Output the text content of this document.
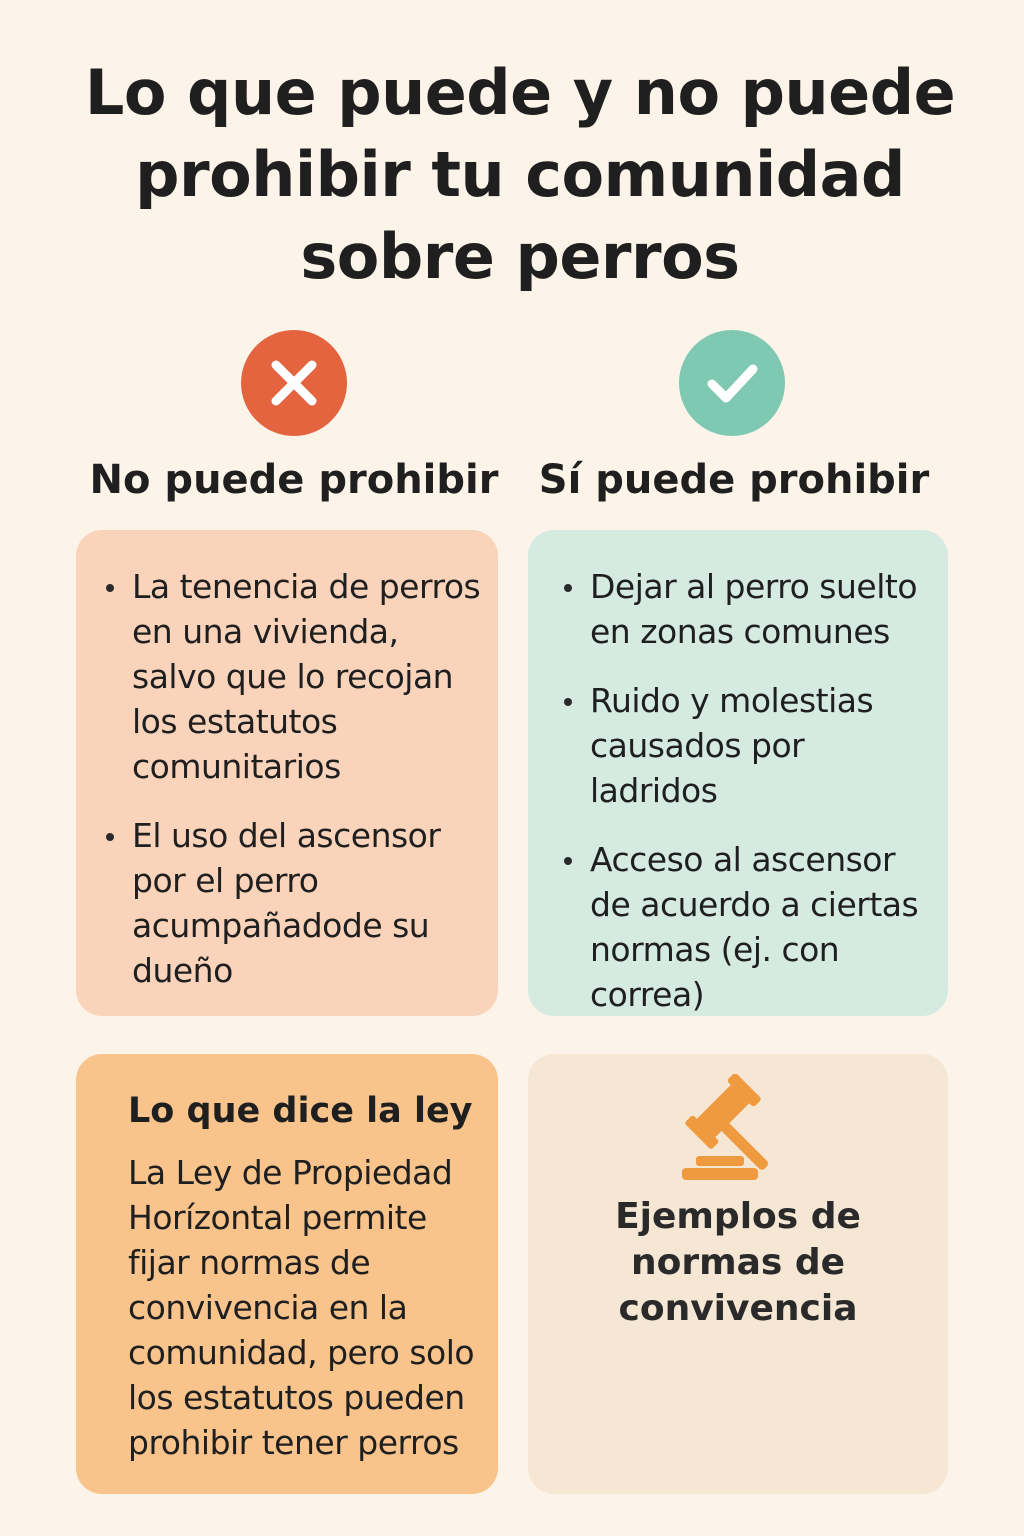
Lo que puede y no puede
prohibir tu comunidad
sobre perros
No puede prohibir	Sí puede prohibir
La tenencia de perros en una vivienda, salvo que lo recojan los estatutos comunitarios
El uso del ascensor por el perro acumpañadode su dueño
Dejar al perro suelto en zonas comunes
Ruido y molestias causados por ladridos
Acceso al ascensor de acuerdo a ciertas normas (ej. con correa)
Lo que dice la ley
La Ley de Propiedad Horízontal permite fijar normas de convivencia en la comunidad, pero solo los estatutos pueden prohibir tener perros
Ejemplos de normas de convivencia
